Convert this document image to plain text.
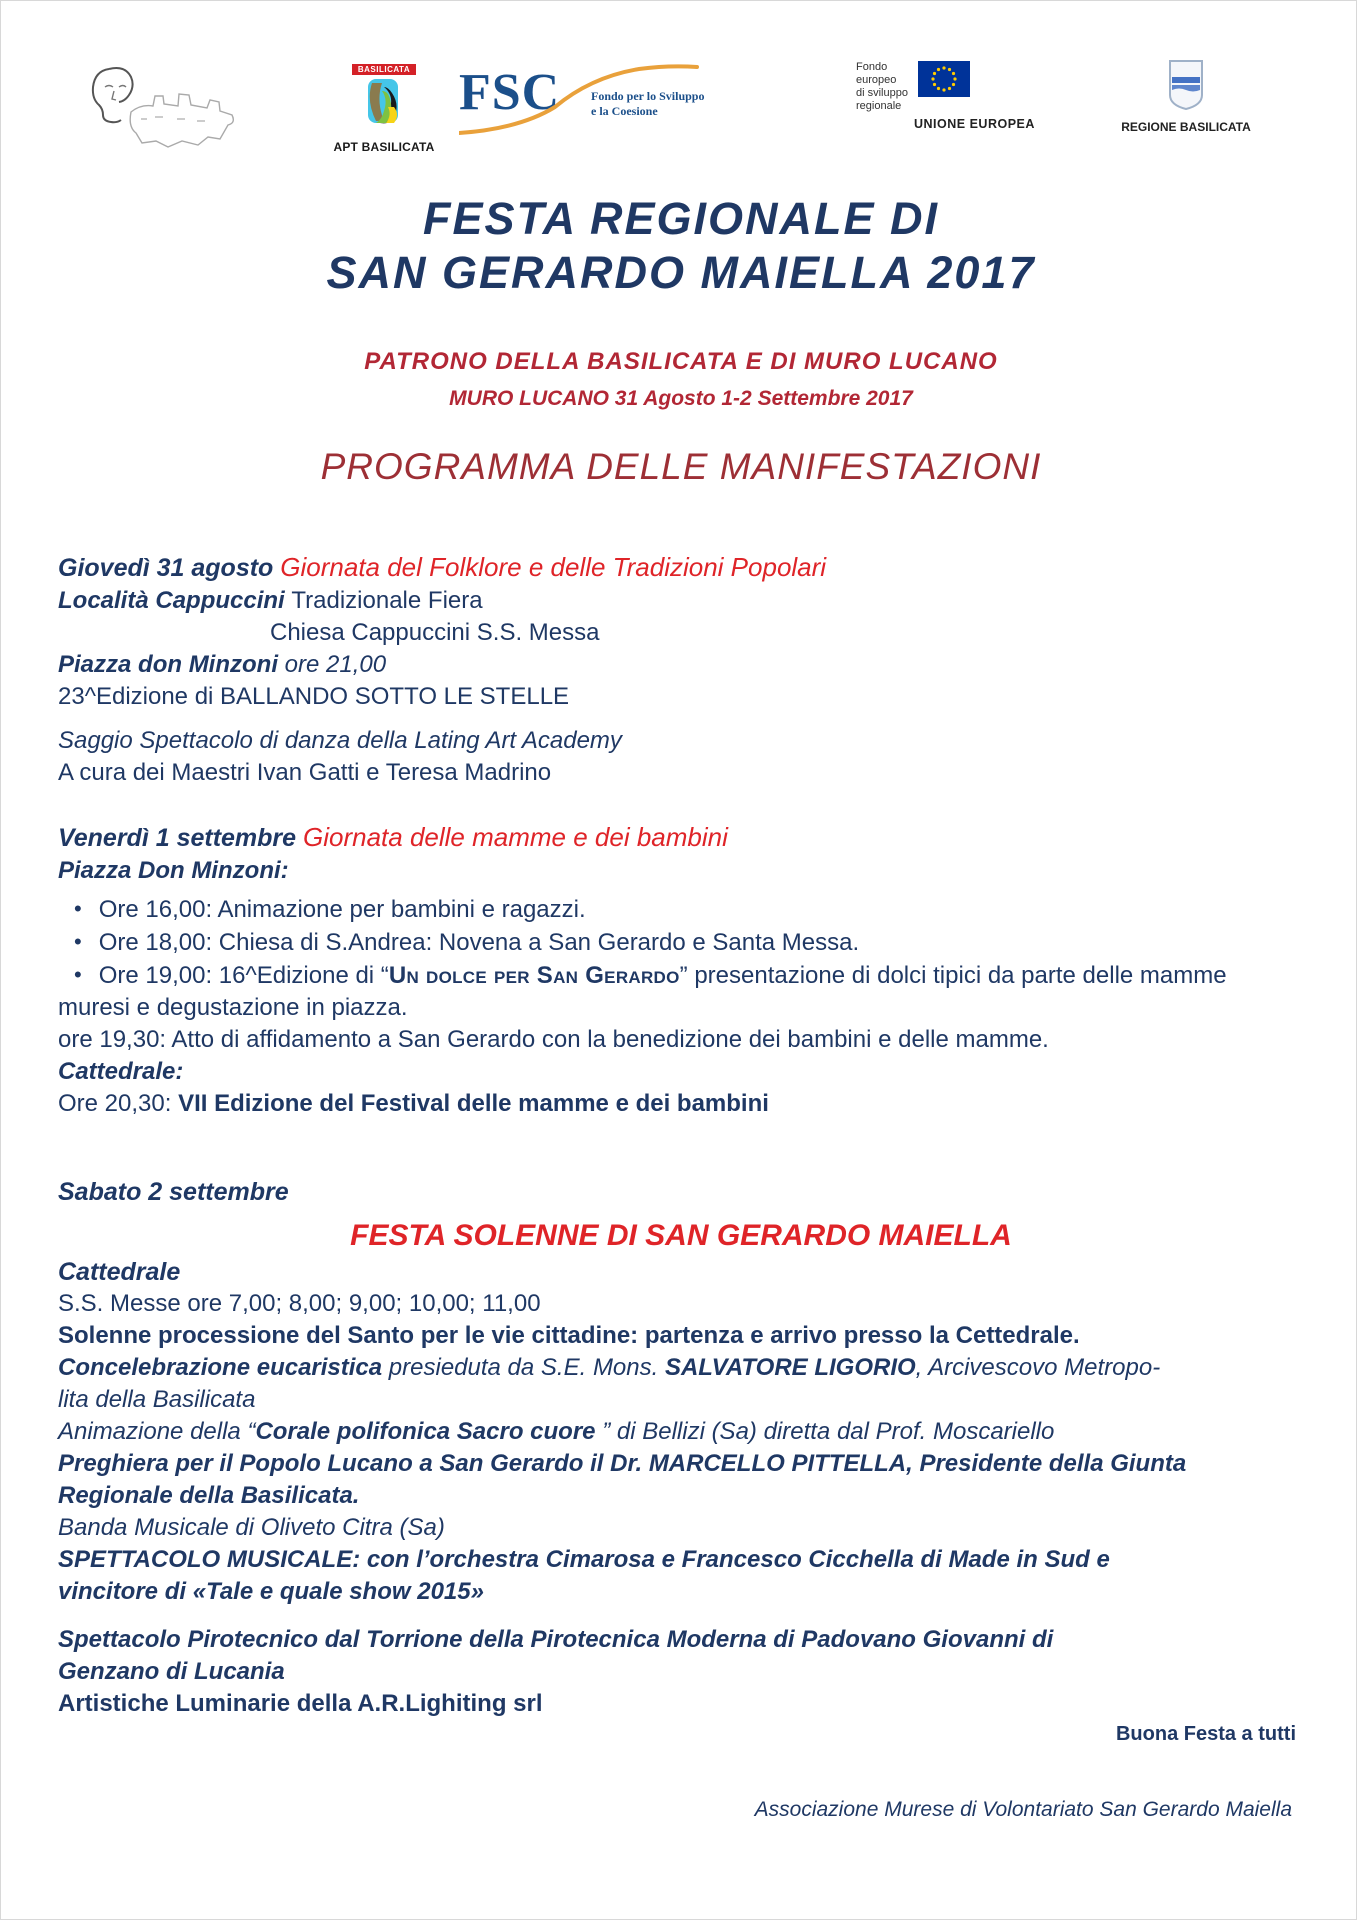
BASILICATA
APT BASILICATA
FSC	Fondo per lo Sviluppo
e la Coesione
Fondo
europeo
di sviluppo
regionale
UNIONE EUROPEA	REGIONE BASILICATA
FESTA REGIONALE DI
SAN GERARDO MAIELLA 2017
PATRONO DELLA BASILICATA E DI MURO LUCANO
MURO LUCANO 31 Agosto 1-2 Settembre 2017
PROGRAMMA DELLE MANIFESTAZIONI
Giovedì 31 agosto Giornata del Folklore e delle Tradizioni Popolari
Località Cappuccini Tradizionale Fiera
Chiesa Cappuccini S.S. Messa
Piazza don Minzoni ore 21,00
23^Edizione di BALLANDO SOTTO LE STELLE
Saggio Spettacolo di danza della Lating Art Academy
A cura dei Maestri Ivan Gatti e Teresa Madrino
Venerdì 1 settembre Giornata delle mamme e dei bambini
Piazza Don Minzoni:
• Ore 16,00: Animazione per bambini e ragazzi.
• Ore 18,00: Chiesa di S.Andrea: Novena a San Gerardo e Santa Messa.
• Ore 19,00: 16^Edizione di “Un dolce per San Gerardo” presentazione di dolci tipici da parte delle mamme muresi e degustazione in piazza.
ore 19,30: Atto di affidamento a San Gerardo con la benedizione dei bambini e delle mamme.
Cattedrale:
Ore 20,30: VII Edizione del Festival delle mamme e dei bambini
Sabato 2 settembre
FESTA SOLENNE DI SAN GERARDO MAIELLA
Cattedrale
S.S. Messe ore 7,00; 8,00; 9,00; 10,00; 11,00
Solenne processione del Santo per le vie cittadine: partenza e arrivo presso la Cettedrale.
Concelebrazione eucaristica presieduta da S.E. Mons. SALVATORE LIGORIO, Arcivescovo Metropo-
lita della Basilicata
Animazione della “Corale polifonica Sacro cuore ” di Bellizi (Sa) diretta dal Prof. Moscariello
Preghiera per il Popolo Lucano a San Gerardo il Dr. MARCELLO PITTELLA, Presidente della Giunta
Regionale della Basilicata.
Banda Musicale di Oliveto Citra (Sa)
SPETTACOLO MUSICALE: con l’orchestra Cimarosa e Francesco Cicchella di Made in Sud e
vincitore di «Tale e quale show 2015»
Spettacolo Pirotecnico dal Torrione della Pirotecnica Moderna di Padovano Giovanni di
Genzano di Lucania
Artistiche Luminarie della A.R.Lighiting srl
Buona Festa a tutti
Associazione Murese di Volontariato San Gerardo Maiella
